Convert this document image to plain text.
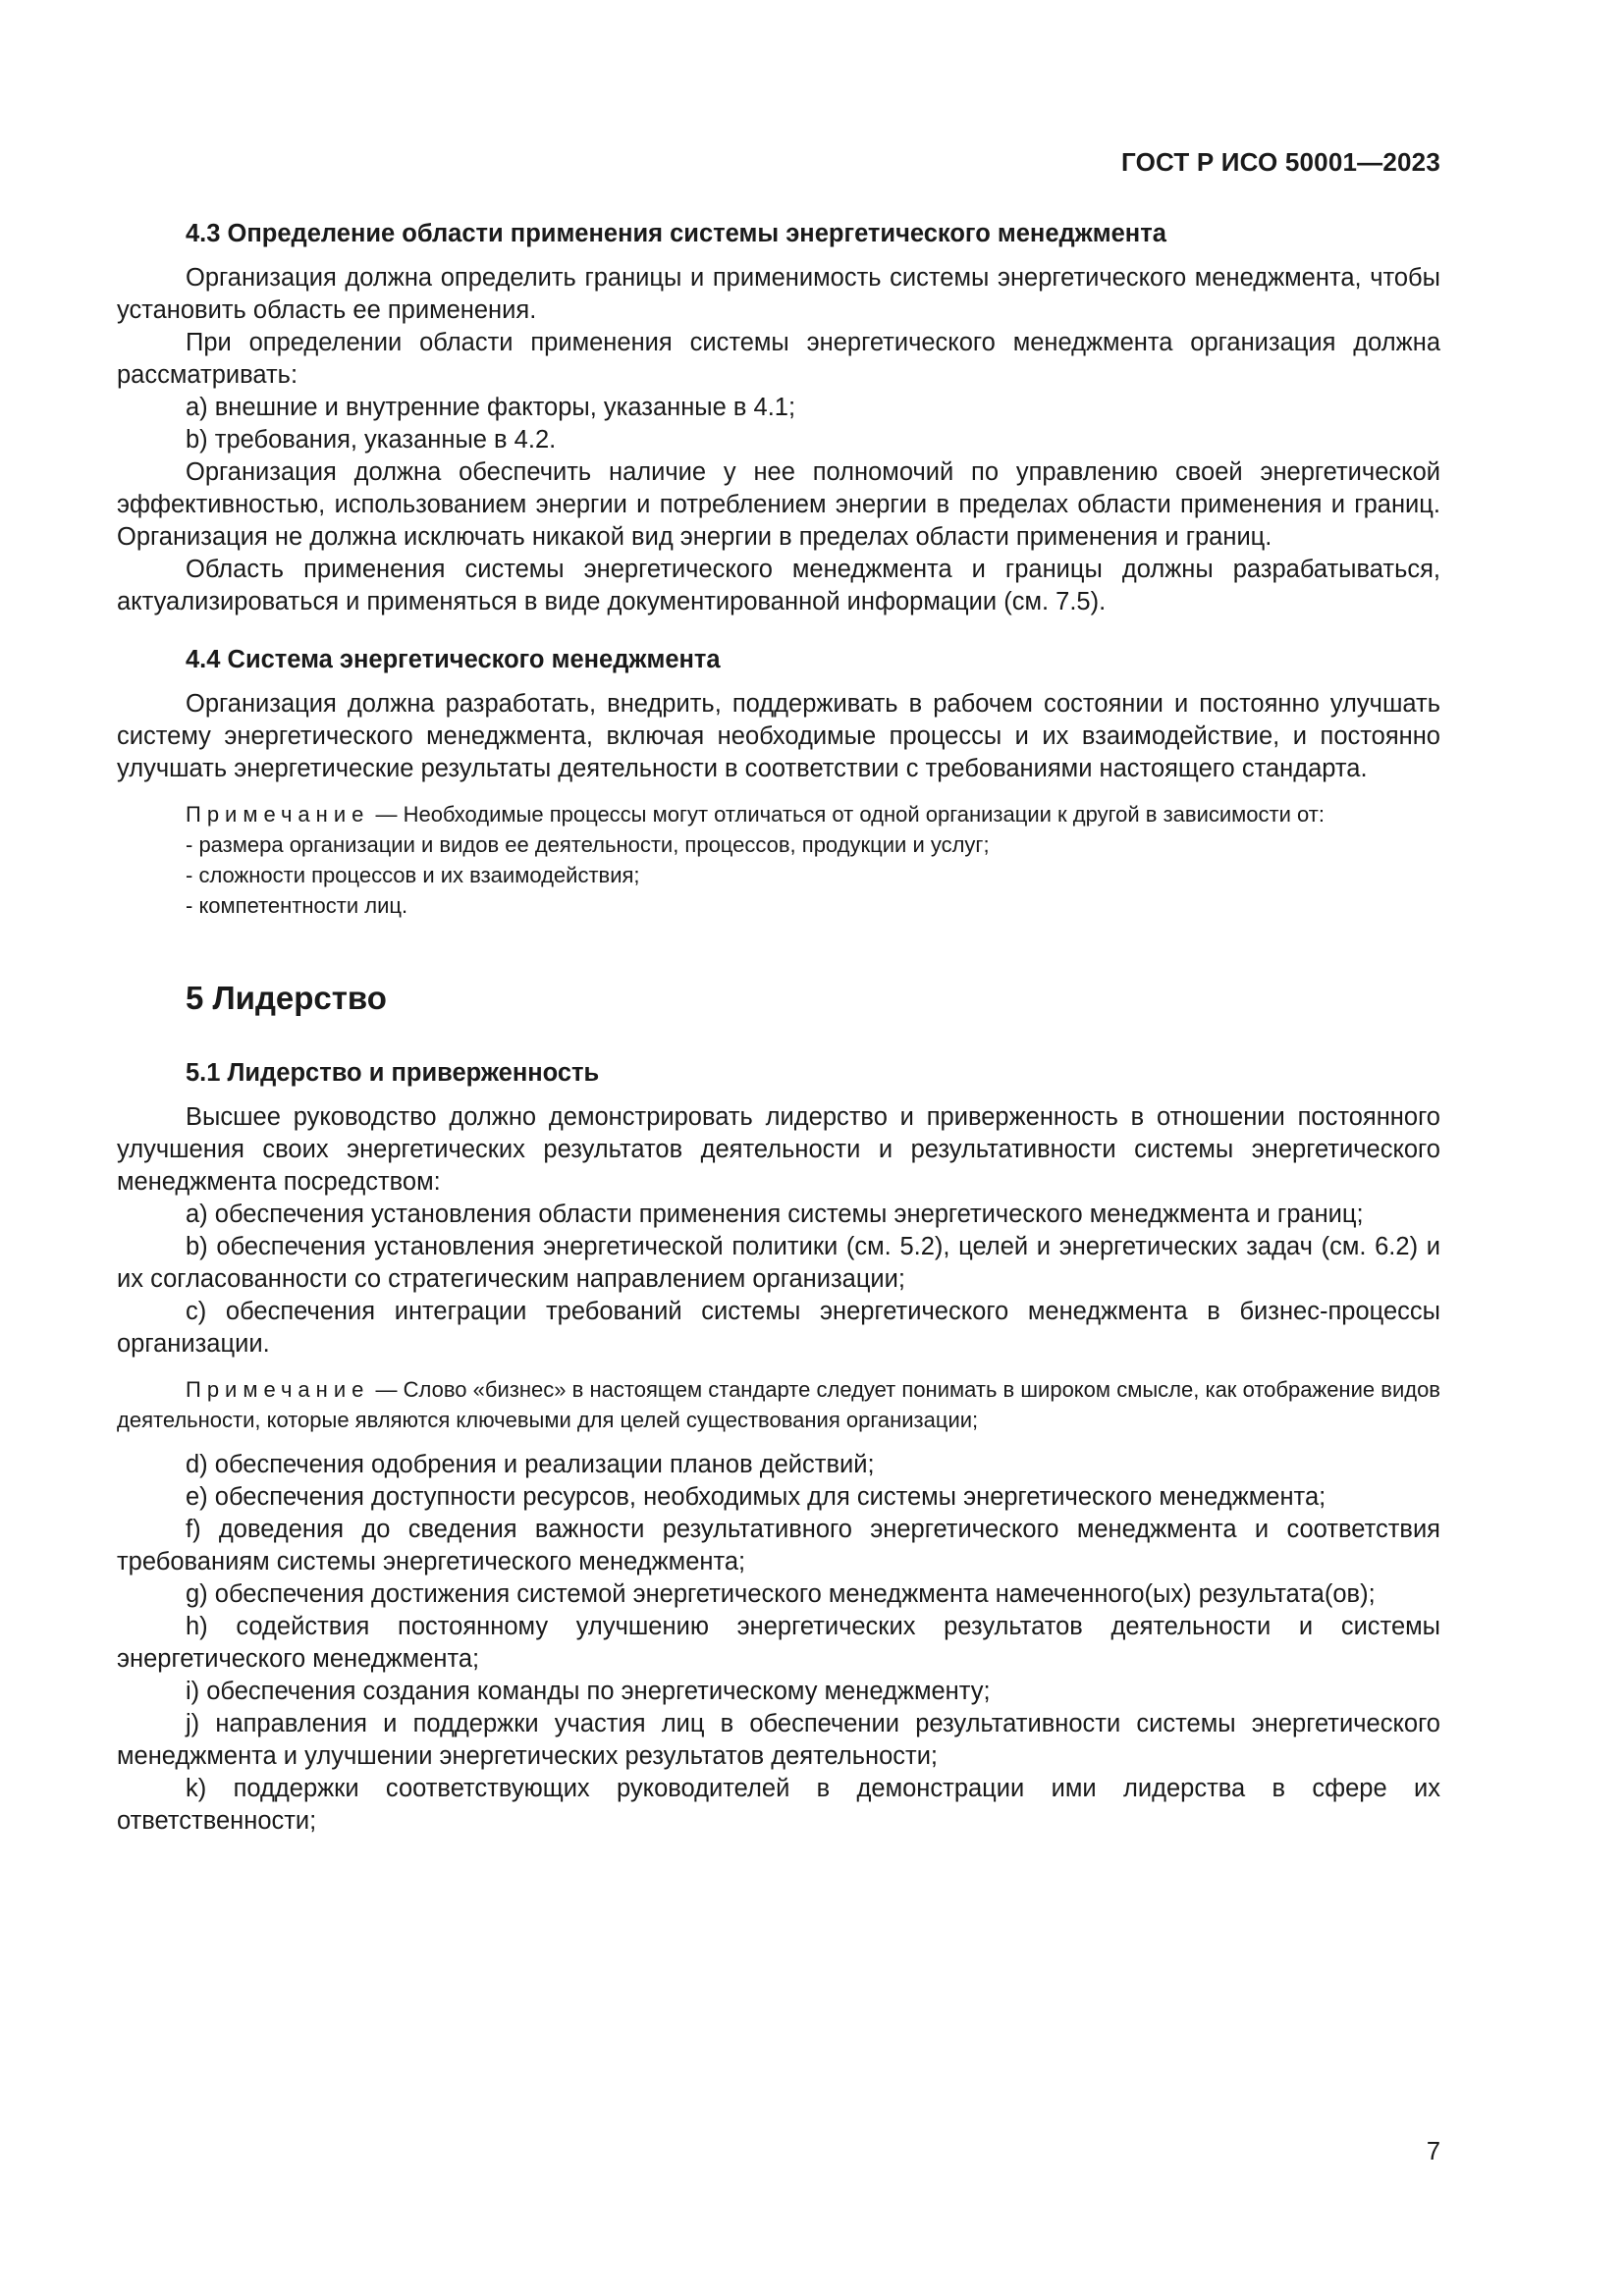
ГОСТ Р ИСО 50001—2023
4.3 Определение области применения системы энергетического менеджмента

Организация должна определить границы и применимость системы энергетического менеджмента, чтобы установить область ее применения.

При определении области применения системы энергетического менеджмента организация должна рассматривать:

a) внешние и внутренние факторы, указанные в 4.1;

b) требования, указанные в 4.2.

Организация должна обеспечить наличие у нее полномочий по управлению своей энергетической эффективностью, использованием энергии и потреблением энергии в пределах области применения и границ. Организация не должна исключать никакой вид энергии в пределах области применения и границ.

Область применения системы энергетического менеджмента и границы должны разрабатываться, актуализироваться и применяться в виде документированной информации (см. 7.5).

4.4 Система энергетического менеджмента

Организация должна разработать, внедрить, поддерживать в рабочем состоянии и постоянно улучшать систему энергетического менеджмента, включая необходимые процессы и их взаимодействие, и постоянно улучшать энергетические результаты деятельности в соответствии с требованиями настоящего стандарта.

Примечание — Необходимые процессы могут отличаться от одной организации к другой в зависимости от:

- размера организации и видов ее деятельности, процессов, продукции и услуг;

- сложности процессов и их взаимодействия;

- компетентности лиц.

5 Лидерство
5.1 Лидерство и приверженность

Высшее руководство должно демонстрировать лидерство и приверженность в отношении постоянного улучшения своих энергетических результатов деятельности и результативности системы энергетического менеджмента посредством:

а) обеспечения установления области применения системы энергетического менеджмента и границ;

b) обеспечения установления энергетической политики (см. 5.2), целей и энергетических задач (см. 6.2) и их согласованности со стратегическим направлением организации;

c) обеспечения интеграции требований системы энергетического менеджмента в бизнес-процессы организации.

Примечание — Слово «бизнес» в настоящем стандарте следует понимать в широком смысле, как отображение видов деятельности, которые являются ключевыми для целей существования организации;

d) обеспечения одобрения и реализации планов действий;

e) обеспечения доступности ресурсов, необходимых для системы энергетического менеджмента;

f) доведения до сведения важности результативного энергетического менеджмента и соответствия требованиям системы энергетического менеджмента;

g) обеспечения достижения системой энергетического менеджмента намеченного(ых) результата(ов);

h) содействия постоянному улучшению энергетических результатов деятельности и системы энергетического менеджмента;

i) обеспечения создания команды по энергетическому менеджменту;

j) направления и поддержки участия лиц в обеспечении результативности системы энергетического менеджмента и улучшении энергетических результатов деятельности;

k) поддержки соответствующих руководителей в демонстрации ими лидерства в сфере их ответственности;

7
